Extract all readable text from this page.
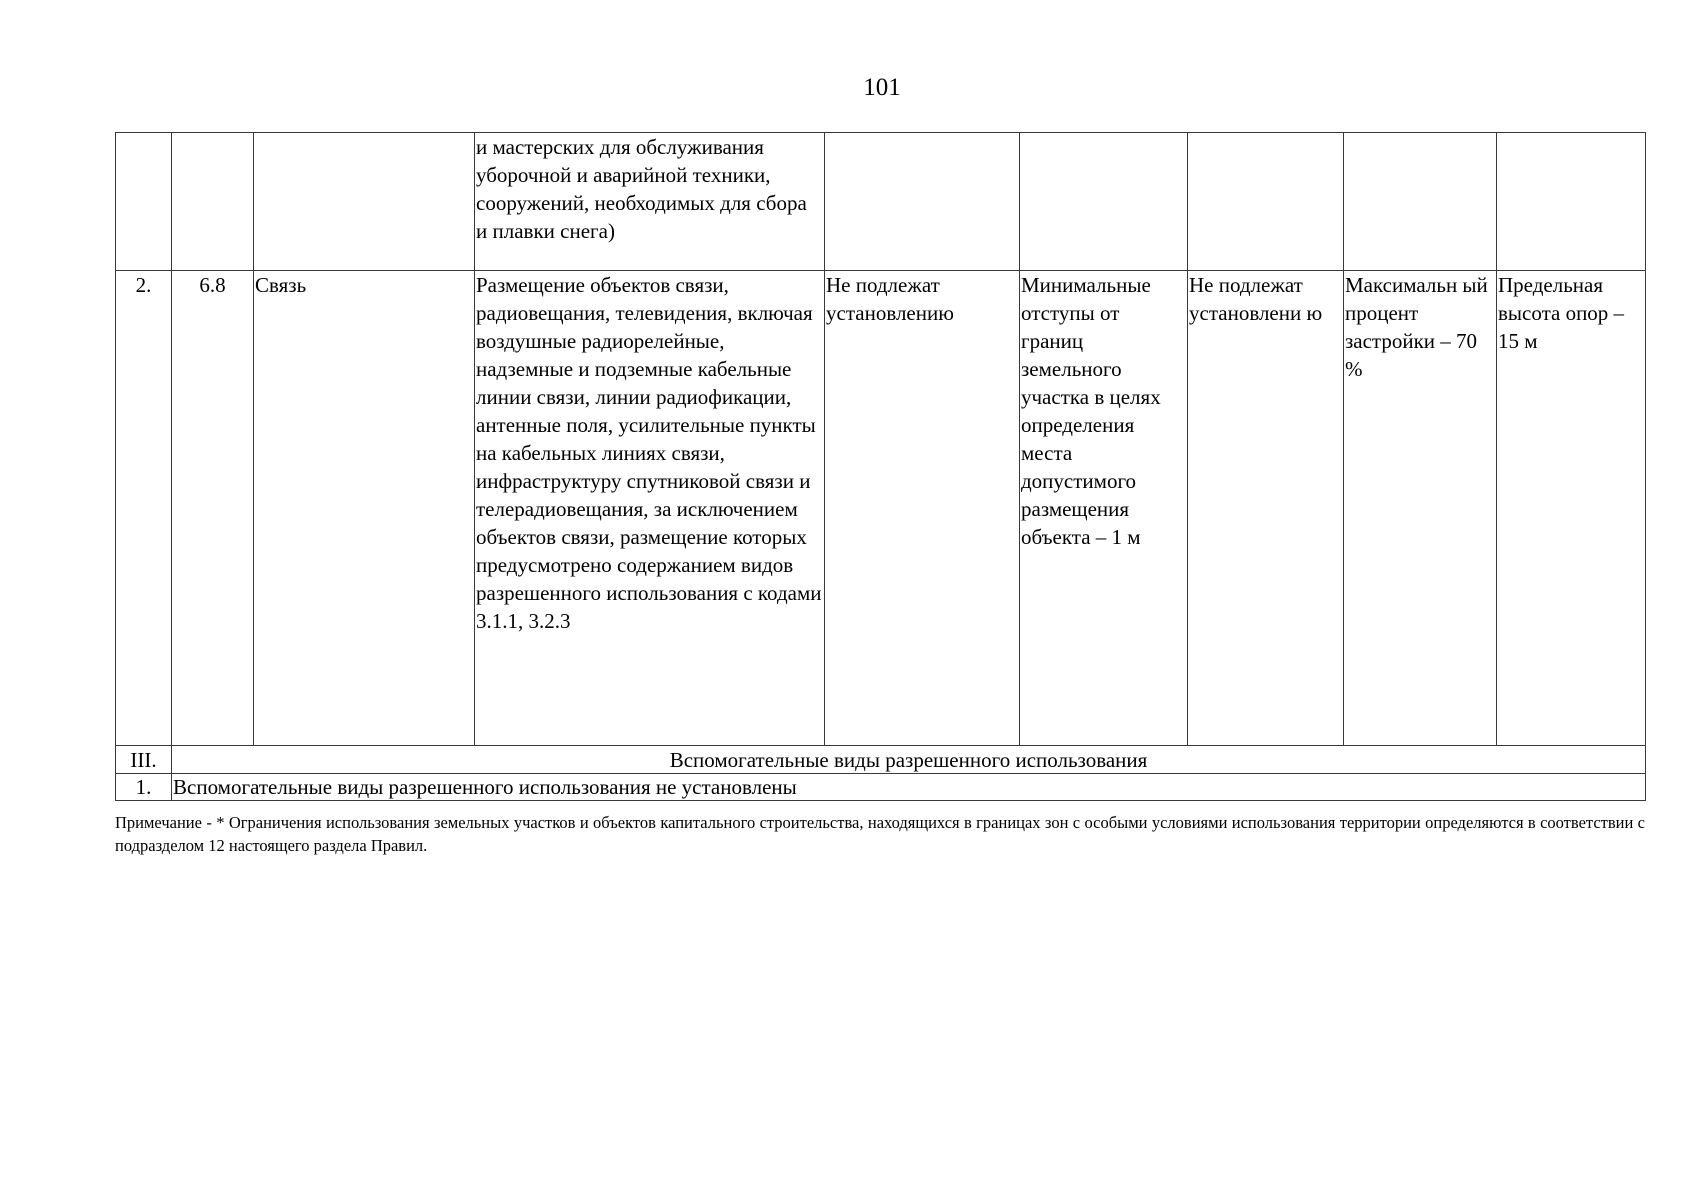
101
			и мастерских для обслуживания уборочной и аварийной техники, сооружений, необходимых для сбора и плавки снега)					
2.	6.8	Связь	Размещение объектов связи, радиовещания, телевидения, включая воздушные радиорелейные, надземные и подземные кабельные линии связи, линии радиофикации, антенные поля, усилительные пункты на кабельных линиях связи, инфраструктуру спутниковой связи и телерадиовещания, за исключением объектов связи, размещение которых предусмотрено содержанием видов разрешенного использования с кодами 3.1.1, 3.2.3	Не подлежат установлению	Минимальные отступы от границ земельного участка в целях определения места допустимого размещения объекта – 1 м	Не подлежат установлени ю	Максимальн ый процент застройки – 70 %	Предельная высота опор – 15 м
III.	Вспомогательные виды разрешенного использования							
1.	Вспомогательные виды разрешенного использования не установлены							
Примечание - * Ограничения использования земельных участков и объектов капитального строительства, находящихся в границах зон с особыми условиями использования территории определяются в соответствии с подразделом 12 настоящего раздела Правил.
